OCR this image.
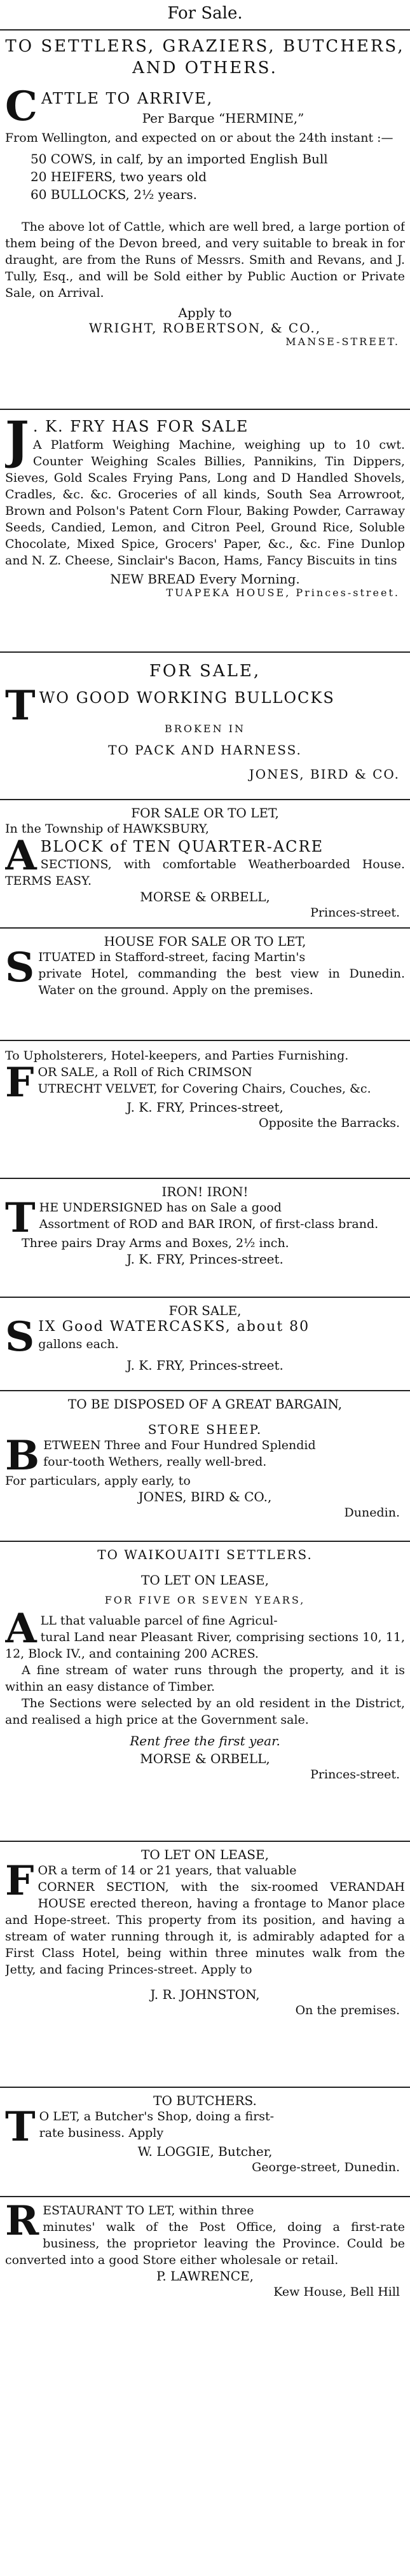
For Sale.
TO SETTLERS, GRAZIERS, BUTCHERS, AND OTHERS.
C ATTLE TO ARRIVE,
Per Barque “HERMINE,”
From Wellington, and expected on or about the 24th instant :—
50 COWS, in calf, by an imported English Bull
20 HEIFERS, two years old
60 BULLOCKS, 2½ years.
The above lot of Cattle, which are well bred, a large portion of them being of the Devon breed, and very suitable to break in for draught, are from the Runs of Messrs. Smith and Revans, and J. Tully, Esq., and will be Sold either by Public Auction or Private Sale, on Arrival.
Apply to
WRIGHT, ROBERTSON, & CO.,
MANSE-STREET.
J . K. FRY HAS FOR SALE
A Platform Weighing Machine, weighing up to 10 cwt. Counter Weighing Scales Billies, Pannikins, Tin Dippers, Sieves, Gold Scales Frying Pans, Long and D Handled Shovels, Cradles, &c. &c. Groceries of all kinds, South Sea Arrowroot, Brown and Polson's Patent Corn Flour, Baking Powder, Carraway Seeds, Candied, Lemon, and Citron Peel, Ground Rice, Soluble Chocolate, Mixed Spice, Grocers' Paper, &c., &c. Fine Dunlop and N. Z. Cheese, Sinclair's Bacon, Hams, Fancy Biscuits in tins
NEW BREAD Every Morning.
TUAPEKA HOUSE, Princes-street.
FOR SALE,
T WO GOOD WORKING BULLOCKS
BROKEN IN
TO PACK AND HARNESS.
JONES, BIRD & CO.
FOR SALE OR TO LET,
In the Township of HAWKSBURY,
A BLOCK of TEN QUARTER-ACRE
SECTIONS, with comfortable Weatherboarded House. TERMS EASY.
MORSE & ORBELL,
Princes-street.
HOUSE FOR SALE OR TO LET,
S ITUATED in Stafford-street, facing Martin's
private Hotel, commanding the best view in Dunedin. Water on the ground. Apply on the premises.
To Upholsterers, Hotel-keepers, and Parties Furnishing.
F OR SALE, a Roll of Rich CRIMSON
UTRECHT VELVET, for Covering Chairs, Couches, &c.
J. K. FRY, Princes-street,
Opposite the Barracks.
IRON! IRON!
T HE UNDERSIGNED has on Sale a good
Assortment of ROD and BAR IRON, of first-class brand.
Three pairs Dray Arms and Boxes, 2½ inch.
J. K. FRY, Princes-street.
FOR SALE,
S IX Good WATERCASKS, about 80
gallons each.
J. K. FRY, Princes-street.
TO BE DISPOSED OF A GREAT BARGAIN,
STORE SHEEP.
B ETWEEN Three and Four Hundred Splendid
four-tooth Wethers, really well-bred.
For particulars, apply early, to
JONES, BIRD & CO.,
Dunedin.
TO WAIKOUAITI SETTLERS.
TO LET ON LEASE,
FOR FIVE OR SEVEN YEARS,
A LL that valuable parcel of fine Agricul-
tural Land near Pleasant River, comprising sections 10, 11, 12, Block IV., and containing 200 ACRES.
A fine stream of water runs through the property, and it is within an easy distance of Timber.
The Sections were selected by an old resident in the District, and realised a high price at the Government sale.
Rent free the first year.
MORSE & ORBELL,
Princes-street.
TO LET ON LEASE,
F OR a term of 14 or 21 years, that valuable
CORNER SECTION, with the six-roomed VERANDAH HOUSE erected thereon, having a frontage to Manor place and Hope-street. This property from its position, and having a stream of water running through it, is admirably adapted for a First Class Hotel, being within three minutes walk from the Jetty, and facing Princes-street. Apply to
J. R. JOHNSTON,
On the premises.
TO BUTCHERS.
T O LET, a Butcher's Shop, doing a first-
rate business. Apply
W. LOGGIE, Butcher,
George-street, Dunedin.
R ESTAURANT TO LET, within three
minutes' walk of the Post Office, doing a first-rate business, the proprietor leaving the Province. Could be converted into a good Store either wholesale or retail.
P. LAWRENCE,
Kew House, Bell Hill
